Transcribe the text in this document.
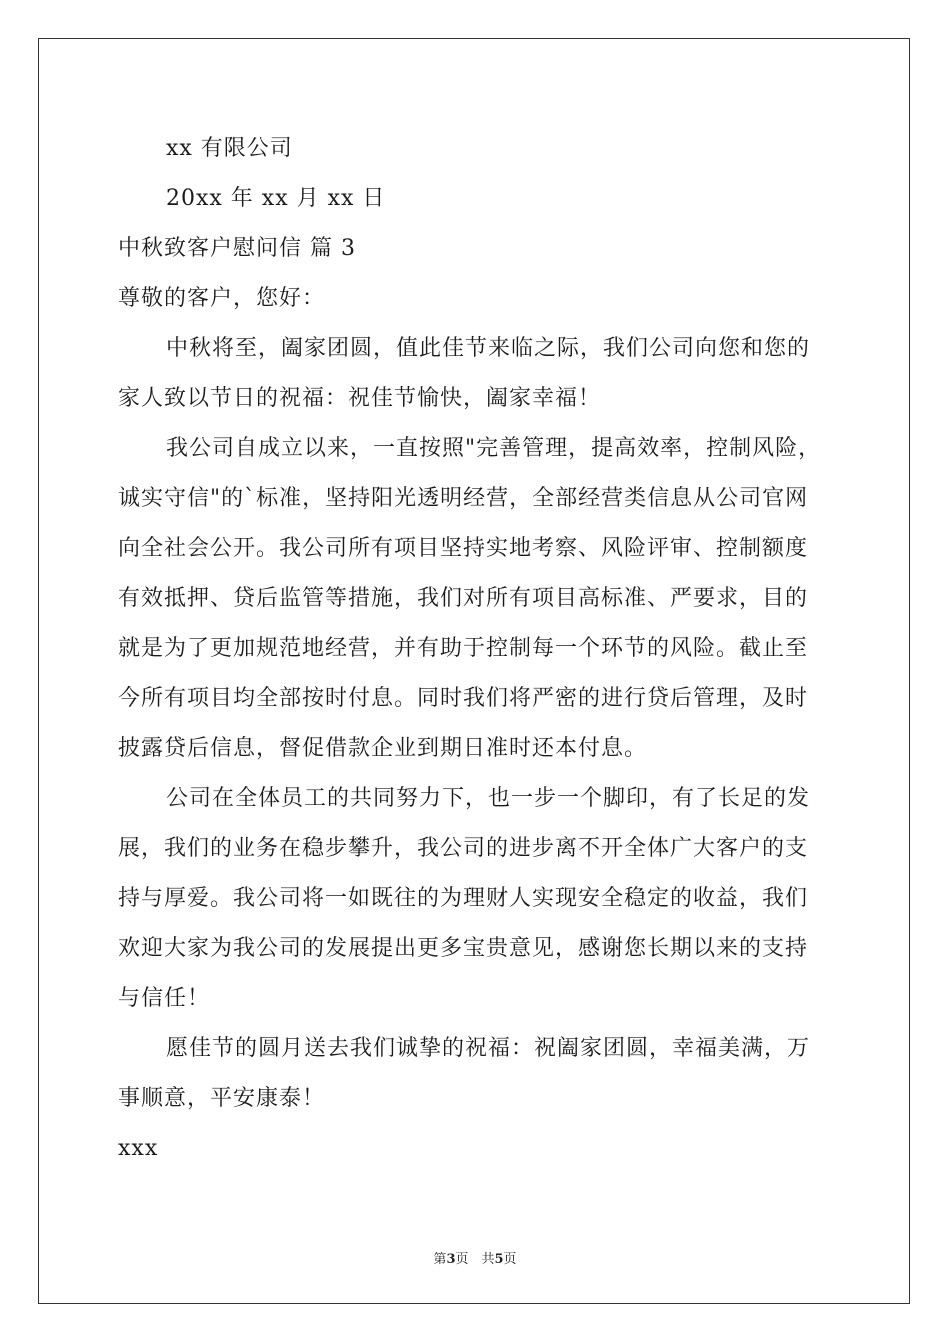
xx 有限公司
20xx 年 xx 月 xx 日
中秋致客户慰问信 篇 3
尊敬的客户，您好：
中秋将至，阖家团圆，值此佳节来临之际，我们公司向您和您的
家人致以节日的祝福：祝佳节愉快，阖家幸福！
我公司自成立以来，一直按照"完善管理，提高效率，控制风险，
诚实守信"的`标准，坚持阳光透明经营，全部经营类信息从公司官网
向全社会公开。我公司所有项目坚持实地考察、风险评审、控制额度
有效抵押、贷后监管等措施，我们对所有项目高标准、严要求，目的
就是为了更加规范地经营，并有助于控制每一个环节的风险。截止至
今所有项目均全部按时付息。同时我们将严密的进行贷后管理，及时
披露贷后信息，督促借款企业到期日准时还本付息。
公司在全体员工的共同努力下，也一步一个脚印，有了长足的发
展，我们的业务在稳步攀升，我公司的进步离不开全体广大客户的支
持与厚爱。我公司将一如既往的为理财人实现安全稳定的收益，我们
欢迎大家为我公司的发展提出更多宝贵意见，感谢您长期以来的支持
与信任！
愿佳节的圆月送去我们诚挚的祝福：祝阖家团圆，幸福美满，万
事顺意，平安康泰！
xxx
第3页　共5页
